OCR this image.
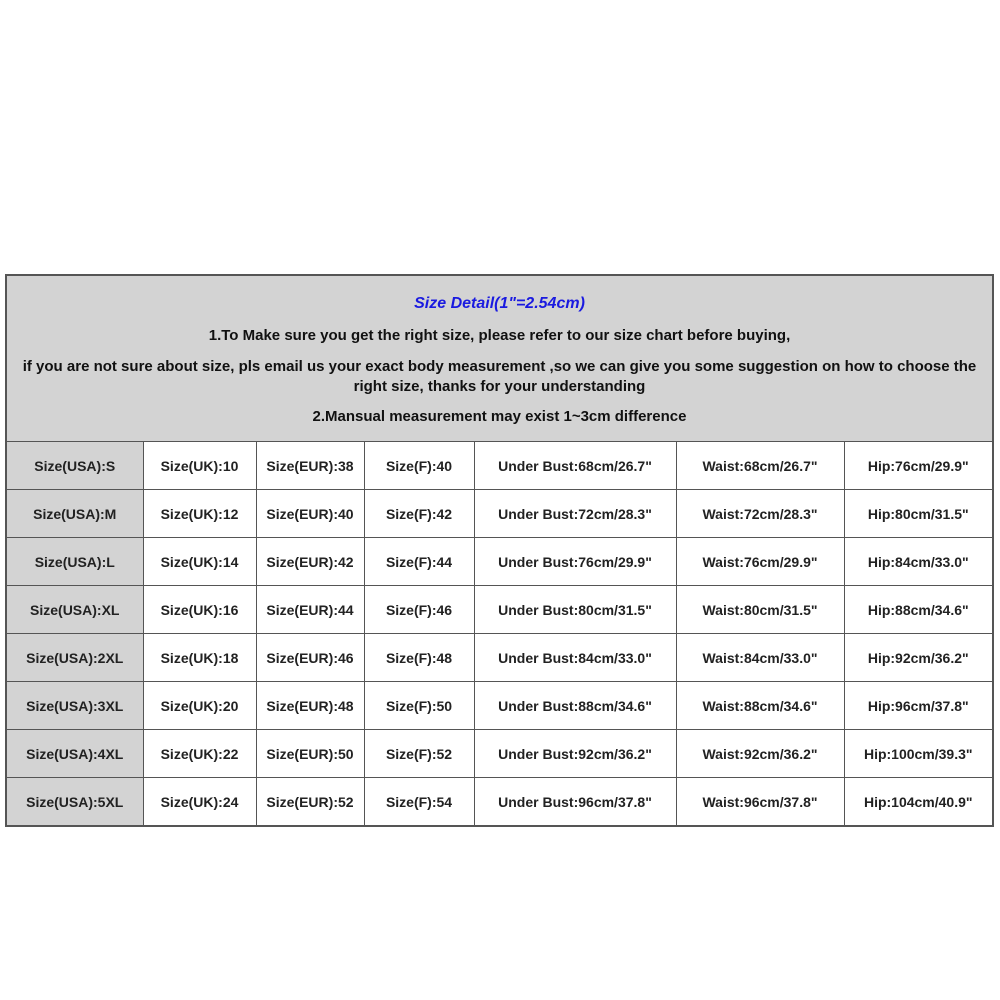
Size Detail(1"=2.54cm)
1.To Make sure you get the right size, please refer to our size chart before buying,
if you are not sure about size, pls email us your exact body measurement ,so we can give you some suggestion on how to choose the right size, thanks for your understanding
2.Mansual measurement may exist 1~3cm difference
Size(USA):S	Size(UK):10	Size(EUR):38	Size(F):40	Under Bust:68cm/26.7"	Waist:68cm/26.7"	Hip:76cm/29.9"
Size(USA):M	Size(UK):12	Size(EUR):40	Size(F):42	Under Bust:72cm/28.3"	Waist:72cm/28.3"	Hip:80cm/31.5"
Size(USA):L	Size(UK):14	Size(EUR):42	Size(F):44	Under Bust:76cm/29.9"	Waist:76cm/29.9"	Hip:84cm/33.0"
Size(USA):XL	Size(UK):16	Size(EUR):44	Size(F):46	Under Bust:80cm/31.5"	Waist:80cm/31.5"	Hip:88cm/34.6"
Size(USA):2XL	Size(UK):18	Size(EUR):46	Size(F):48	Under Bust:84cm/33.0"	Waist:84cm/33.0"	Hip:92cm/36.2"
Size(USA):3XL	Size(UK):20	Size(EUR):48	Size(F):50	Under Bust:88cm/34.6"	Waist:88cm/34.6"	Hip:96cm/37.8"
Size(USA):4XL	Size(UK):22	Size(EUR):50	Size(F):52	Under Bust:92cm/36.2"	Waist:92cm/36.2"	Hip:100cm/39.3"
Size(USA):5XL	Size(UK):24	Size(EUR):52	Size(F):54	Under Bust:96cm/37.8"	Waist:96cm/37.8"	Hip:104cm/40.9"
